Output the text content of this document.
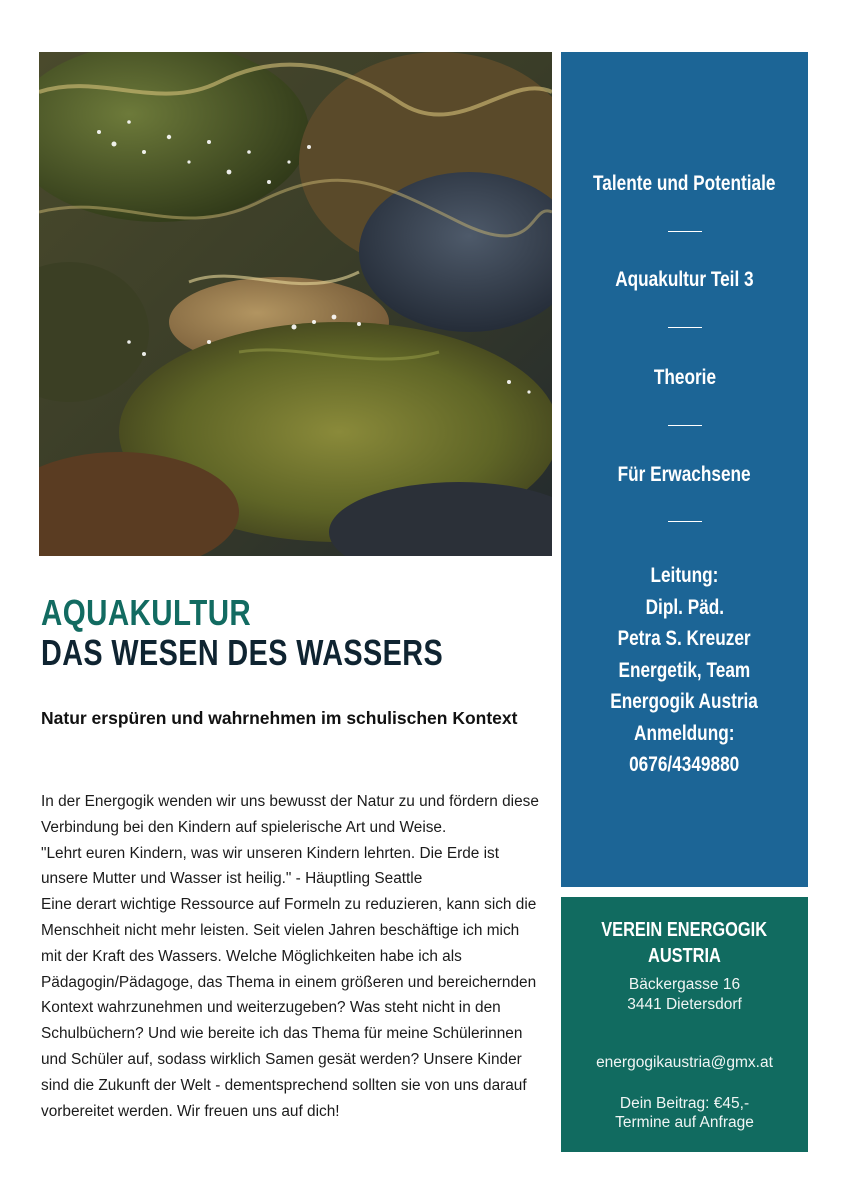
AQUAKULTUR
DAS WESEN DES WASSERS
Natur erspüren und wahrnehmen im schulischen Kontext

In der Energogik wenden wir uns bewusst der Natur zu und fördern diese Verbindung bei den Kindern auf spielerische Art und Weise.

"Lehrt euren Kindern, was wir unseren Kindern lehrten. Die Erde ist unsere Mutter und Wasser ist heilig." - Häuptling Seattle

Eine derart wichtige Ressource auf Formeln zu reduzieren, kann sich die Menschheit nicht mehr leisten. Seit vielen Jahren beschäftige ich mich mit der Kraft des Wassers. Welche Möglichkeiten habe ich als Pädagogin/Pädagoge, das Thema in einem größeren und bereichernden Kontext wahrzunehmen und weiterzugeben? Was steht nicht in den Schulbüchern? Und wie bereite ich das Thema für meine Schülerinnen und Schüler auf, sodass wirklich Samen gesät werden? Unsere Kinder sind die Zukunft der Welt - dementsprechend sollten sie von uns darauf vorbereitet werden. Wir freuen uns auf dich!

Talente und Potentiale
Aquakultur Teil 3
Theorie
Für Erwachsene
Leitung:
Dipl. Päd.
Petra S. Kreuzer
Energetik, Team
Energogik Austria
Anmeldung:
0676/4349880
VEREIN ENERGOGIK
AUSTRIA
Bäckergasse 16
3441 Dietersdorf
energogikaustria@gmx.at
Dein Beitrag: €45,-
Termine auf Anfrage
